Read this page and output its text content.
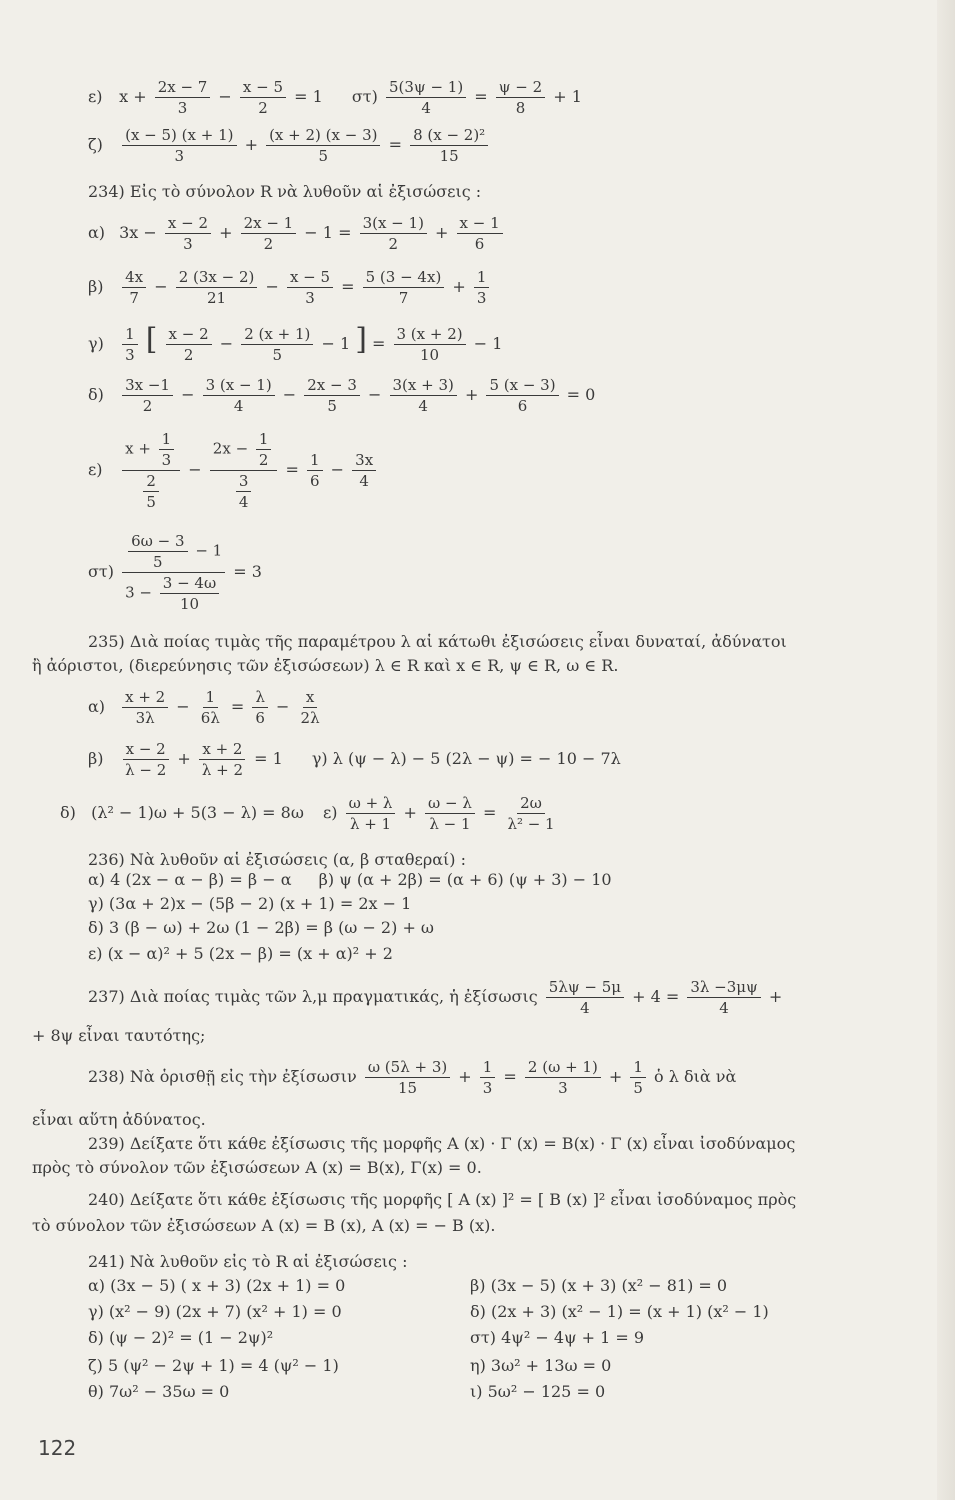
ε) $x + \frac{2x - 7}{3} - \frac{x - 5}{2} = 1$ $\sigma\tau) \frac{5(3\psi - 1)}{4} = \frac{\psi - 2}{8} + 1$
$\zeta) \frac{(x - 5) (x + 1)}{3} + \frac{(x + 2) (x - 3)}{5} = \frac{\text{8 (x − 2)²}}{15}$
234) Εἰς τὸ σύνολον R νὰ λυθοῦν αἱ ἐξισώσεις :
α) $3x - \frac{x - 2}{3} + \frac{2x - 1}{2} - 1 = \frac{3(x - 1)}{2} + \frac{x - 1}{6}$
$\beta) \frac{4x}{7} - \frac{2 (3x - 2)}{21} - \frac{x - 5}{3} = \frac{5 (3 - 4x)}{7} + \frac{1}{3}$
$\gamma) \frac{1}{3}$ [ $\frac{x - 2}{2} - \frac{2 (x + 1)}{5} - 1$ ] = $\frac{3 (x + 2)}{10} - 1$
$\delta) \frac{3x -1}{2} - \frac{3 (x - 1)}{4} - \frac{2x - 3}{5} - \frac{3(x + 3)}{4} + \frac{5 (x - 3)}{6} = 0$
$\varepsilon) \frac{x + \frac{1}{3}}{\frac{2}{5}} - \frac{2x - \frac{1}{2}}{\frac{3}{4}} = \frac{1}{6} - \frac{3x}{4}$
$\sigma\tau) \frac{\frac{6\omega - 3}{5} - 1}{3 - \frac{3 - 4\omega}{10}} = 3$
235) Διὰ ποίας τιμὰς τῆς παραμέτρου λ αἱ κάτωθι ἐξισώσεις εἶναι δυναταί, ἀδύνατοι
ἢ ἀόριστοι, (διερεύνησις τῶν ἐξισώσεων) λ ∈ R καὶ x ∈ R, ψ ∈ R, ω ∈ R.
$\alpha) \frac{x + 2}{3\lambda} - \frac{1}{6\lambda} = \frac{\lambda}{6} - \frac{x}{2\lambda}$
$\beta) \frac{x - 2}{\lambda - 2} + \frac{x + 2}{\lambda + 2} = 1$ γ) λ (ψ − λ) − 5 (2λ − ψ) = − 10 − 7λ
δ) (λ² − 1)ω + 5(3 − λ) = 8ω $\varepsilon) \frac{\omega + \lambda}{\lambda + 1} + \frac{\omega - \lambda}{\lambda - 1} = \frac{2\omega}{\text{λ² − 1}}$
236) Νὰ λυθοῦν αἱ ἐξισώσεις (α, β σταθεραί) :
α) 4 (2x − α − β) = β − α β) ψ (α + 2β) = (α + 6) (ψ + 3) − 10
γ) (3α + 2)x − (5β − 2) (x + 1) = 2x − 1
δ) 3 (β − ω) + 2ω (1 − 2β) = β (ω − 2) + ω
ε) (x − α)² + 5 (2x − β) = (x + α)² + 2
237) Διὰ ποίας τιμὰς τῶν λ,μ πραγματικάς, ἡ ἐξίσωσις $\frac{5\lambda\psi - 5\mu}{4} + 4 = \frac{3\lambda -3\mu\psi}{4}$ +
+ 8ψ εἶναι ταυτότης;
238) Νὰ ὁρισθῇ εἰς τὴν ἐξίσωσιν $\frac{\omega (5\lambda + 3)}{15} + \frac{1}{3} = \frac{2 (\omega + 1)}{3} + \frac{1}{5}$ ὁ λ διὰ νὰ
εἶναι αὕτη ἀδύνατος.
239) Δείξατε ὅτι κάθε ἐξίσωσις τῆς μορφῆς Α (x) · Γ (x) = Β(x) · Γ (x) εἶναι ἰσοδύναμος
πρὸς τὸ σύνολον τῶν ἐξισώσεων Α (x) = Β(x), Γ(x) = 0.
240) Δείξατε ὅτι κάθε ἐξίσωσις τῆς μορφῆς [ Α (x) ]² = [ Β (x) ]² εἶναι ἰσοδύναμος πρὸς
τὸ σύνολον τῶν ἐξισώσεων Α (x) = Β (x), Α (x) = − Β (x).
241) Νὰ λυθοῦν εἰς τὸ R αἱ ἐξισώσεις :
α) (3x − 5) ( x + 3) (2x + 1) = 0	β) (3x − 5) (x + 3) (x² − 81) = 0
γ) (x² − 9) (2x + 7) (x² + 1) = 0	δ) (2x + 3) (x² − 1) = (x + 1) (x² − 1)
δ) (ψ − 2)² = (1 − 2ψ)²	στ) 4ψ² − 4ψ + 1 = 9
ζ) 5 (ψ² − 2ψ + 1) = 4 (ψ² − 1)	η) 3ω² + 13ω = 0
θ) 7ω² − 35ω = 0	ι) 5ω² − 125 = 0
122
